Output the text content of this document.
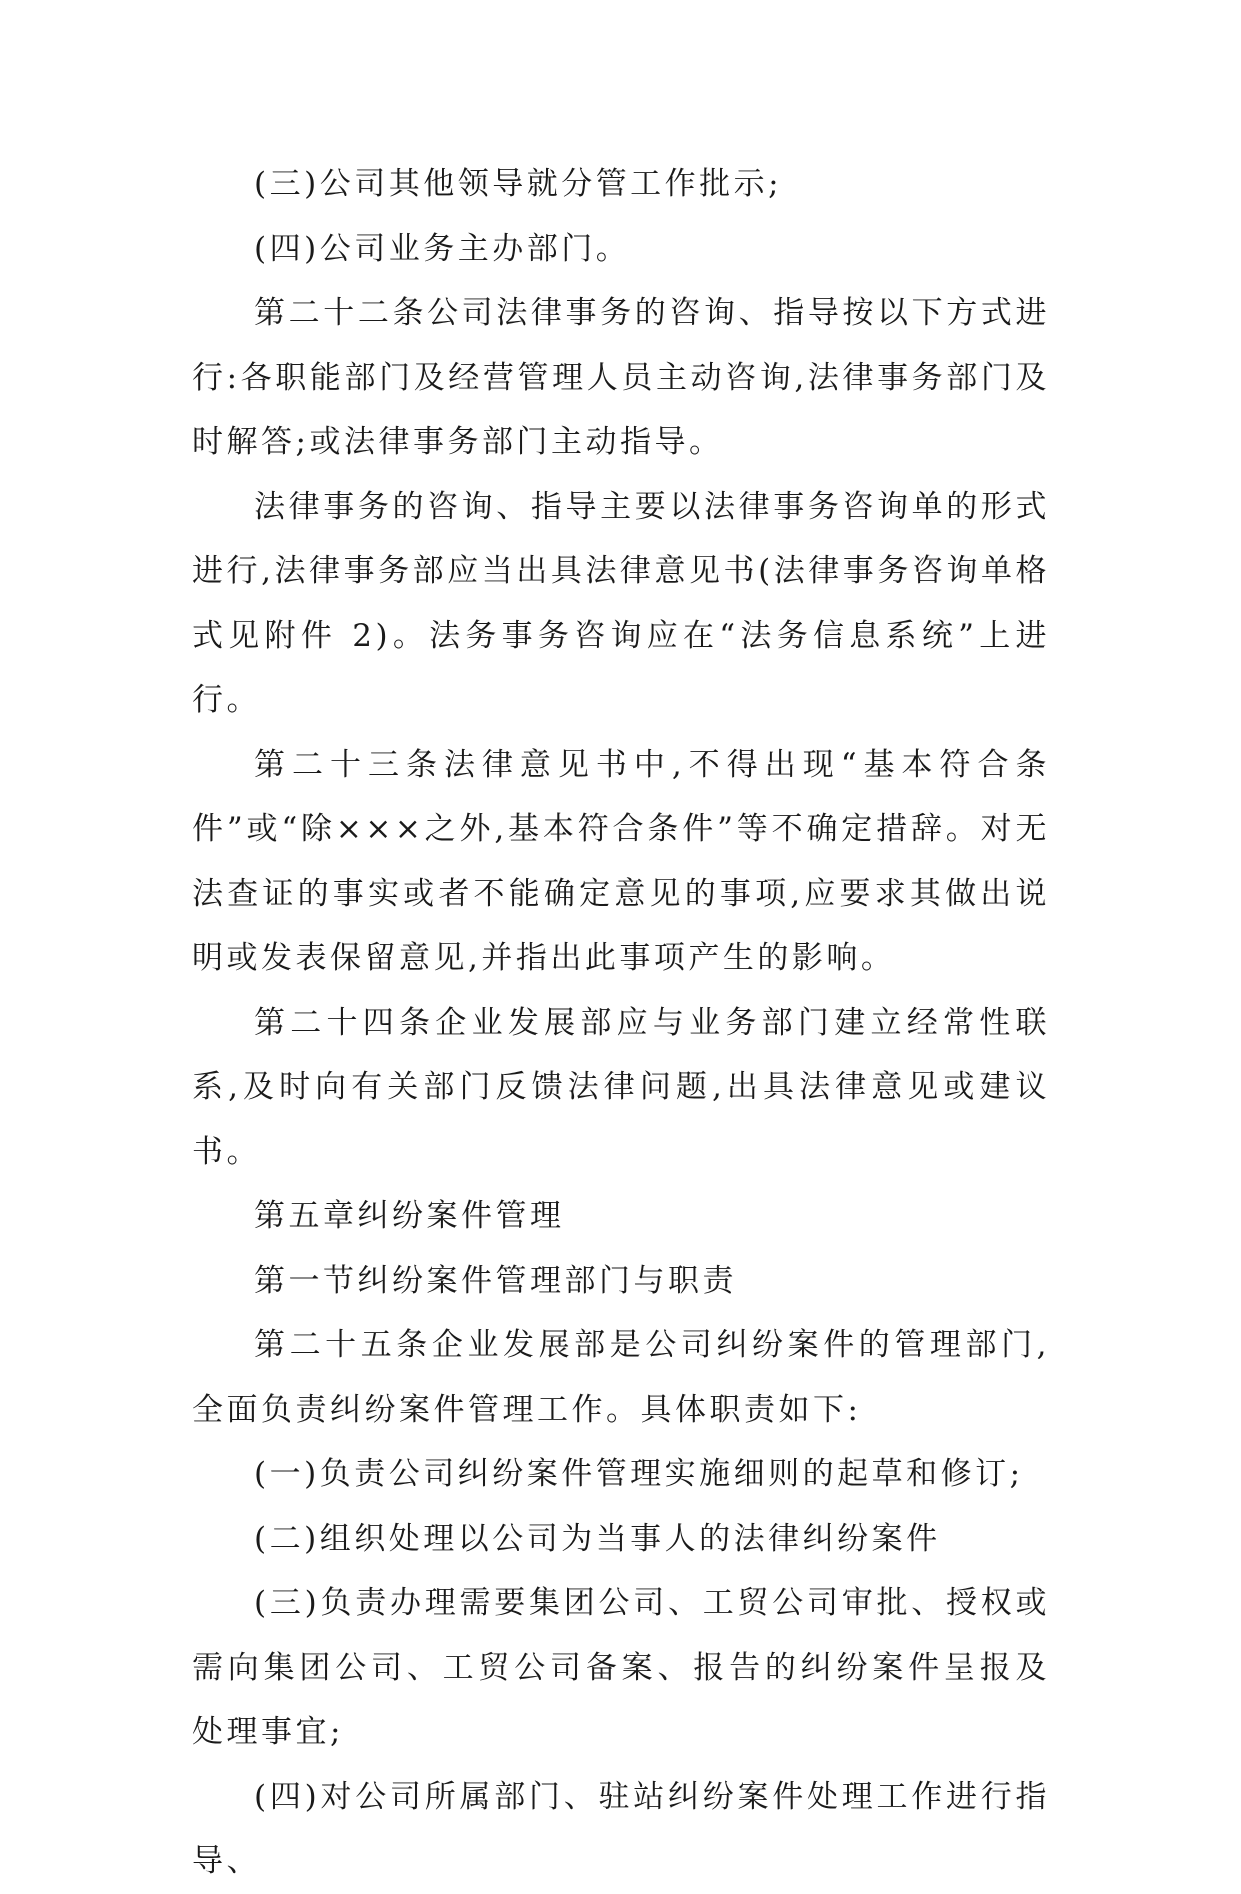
(三)公司其他领导就分管工作批示;

(四)公司业务主办部门。

第二十二条公司法律事务的咨询、指导按以下方式进行:各职能部门及经营管理人员主动咨询,法律事务部门及时解答;或法律事务部门主动指导。

法律事务的咨询、指导主要以法律事务咨询单的形式进行,法律事务部应当出具法律意见书(法律事务咨询单格式见附件 2)。法务事务咨询应在“法务信息系统”上进行。

第二十三条法律意见书中,不得出现“基本符合条件”或“除×××之外,基本符合条件”等不确定措辞。对无法查证的事实或者不能确定意见的事项,应要求其做出说明或发表保留意见,并指出此事项产生的影响。

第二十四条企业发展部应与业务部门建立经常性联系,及时向有关部门反馈法律问题,出具法律意见或建议书。

第五章纠纷案件管理

第一节纠纷案件管理部门与职责

第二十五条企业发展部是公司纠纷案件的管理部门,全面负责纠纷案件管理工作。具体职责如下:

(一)负责公司纠纷案件管理实施细则的起草和修订;

(二)组织处理以公司为当事人的法律纠纷案件

(三)负责办理需要集团公司、工贸公司审批、授权或需向集团公司、工贸公司备案、报告的纠纷案件呈报及处理事宜;

(四)对公司所属部门、驻站纠纷案件处理工作进行指导、
